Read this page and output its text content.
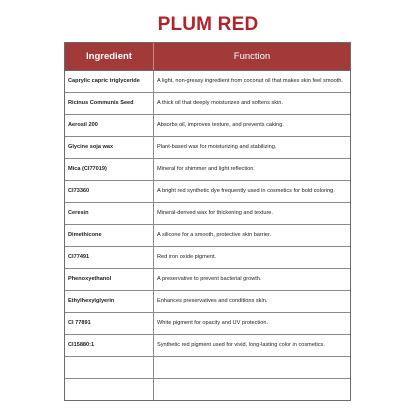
PLUM RED
Ingredient	Function
Caprylic capric triglyceride	A light, non-greasy ingredient from coconut oil that makes skin feel smooth.
Ricinus Communis Seed	A thick oil that deeply moisturizes and softens skin.
Aerosil 200	Absorbs oil, improves texture, and prevents caking.
Glycine soja wax	Plant-based wax for moisturizing and stabilizing.
Mica (CI77019)	Mineral for shimmer and light reflection.
CI73360	A bright red synthetic dye frequently used in cosmetics for bold coloring.
Ceresin	Mineral-derived wax for thickening and texture.
Dimethicone	A silicone for a smooth, protective skin barrier.
CI77491	Red iron oxide pigment.
Phenoxyethanol	A preservative to prevent bacterial growth.
Ethylhexylglyerin	Enhances preservatives and conditions skin.
CI 77891	White pigment for opacity and UV protection.
CI15880:1	Synthetic red pigment used for vivid, long-lasting color in cosmetics.
